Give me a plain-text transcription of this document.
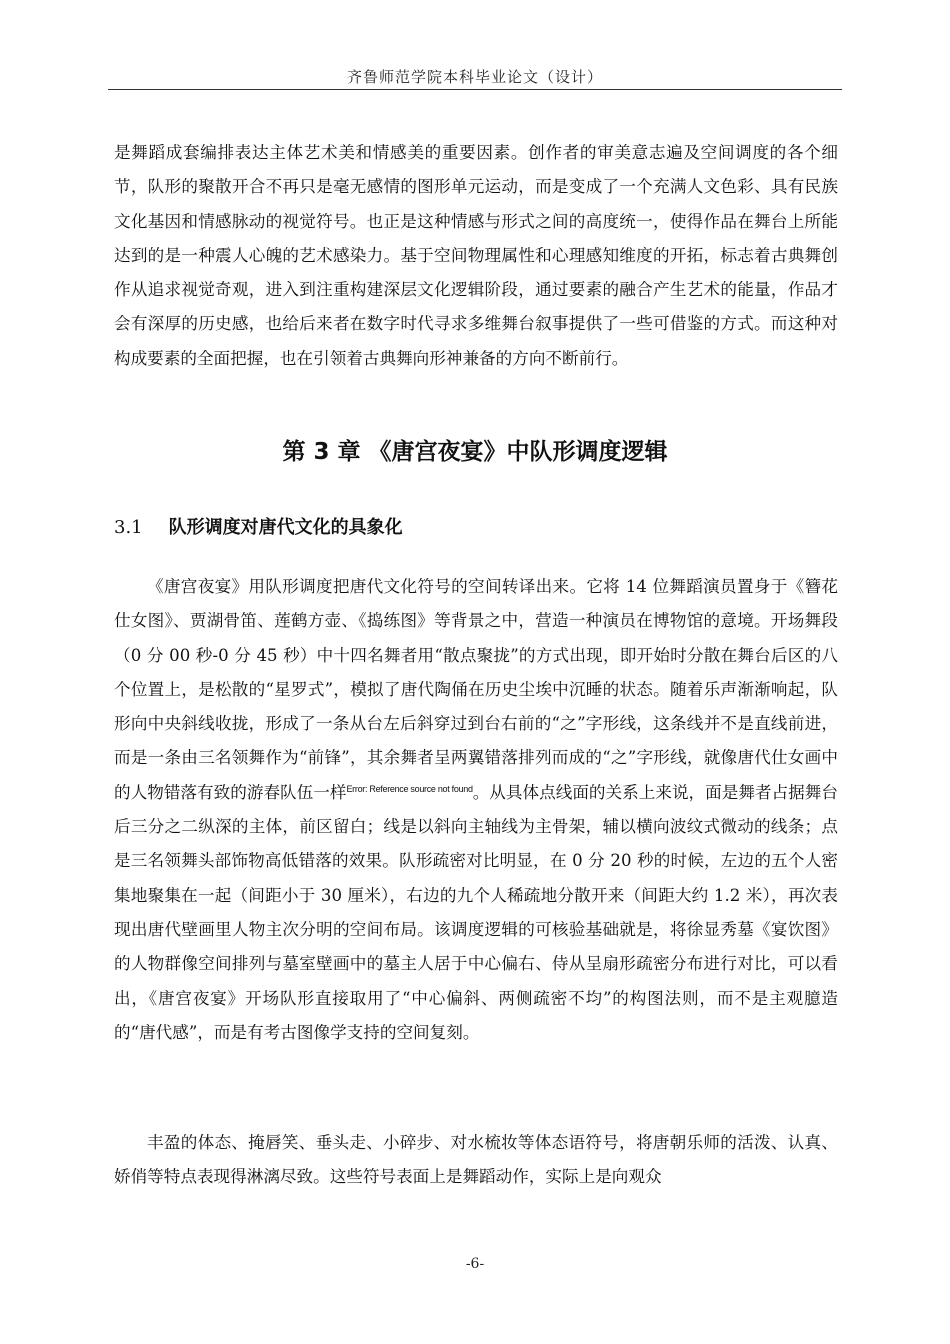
齐鲁师范学院本科毕业论文（设计）

是舞蹈成套编排表达主体艺术美和情感美的重要因素。创作者的审美意志遍及空间调度的各个细节，队形的聚散开合不再只是毫无感情的图形单元运动，而是变成了一个充满人文色彩、具有民族文化基因和情感脉动的视觉符号。也正是这种情感与形式之间的高度统一，使得作品在舞台上所能达到的是一种震人心魄的艺术感染力。基于空间物理属性和心理感知维度的开拓，标志着古典舞创作从追求视觉奇观，进入到注重构建深层文化逻辑阶段，通过要素的融合产生艺术的能量，作品才会有深厚的历史感，也给后来者在数字时代寻求多维舞台叙事提供了一些可借鉴的方式。而这种对构成要素的全面把握，也在引领着古典舞向形神兼备的方向不断前行。

第 3 章 《唐宫夜宴》中队形调度逻辑
3.1 队形调度对唐代文化的具象化

《唐宫夜宴》用队形调度把唐代文化符号的空间转译出来。它将 14 位舞蹈演员置身于《簪花仕女图》、贾湖骨笛、莲鹤方壶、《捣练图》等背景之中，营造一种演员在博物馆的意境。开场舞段（0 分 00 秒-0 分 45 秒）中十四名舞者用“散点聚拢”的方式出现，即开始时分散在舞台后区的八个位置上，是松散的“星罗式”，模拟了唐代陶俑在历史尘埃中沉睡的状态。随着乐声渐渐响起，队形向中央斜线收拢，形成了一条从台左后斜穿过到台右前的“之”字形线，这条线并不是直线前进，而是一条由三名领舞作为“前锋”，其余舞者呈两翼错落排列而成的“之”字形线，就像唐代仕女画中的人物错落有致的游春队伍一样$^{Error: Reference source not found}$。从具体点线面的关系上来说，面是舞者占据舞台后三分之二纵深的主体，前区留白；线是以斜向主轴线为主骨架，辅以横向波纹式微动的线条；点是三名领舞头部饰物高低错落的效果。队形疏密对比明显，在 0 分 20 秒的时候，左边的五个人密集地聚集在一起（间距小于 30 厘米），右边的九个人稀疏地分散开来（间距大约 1.2 米），再次表现出唐代壁画里人物主次分明的空间布局。该调度逻辑的可核验基础就是，将徐显秀墓《宴饮图》的人物群像空间排列与墓室壁画中的墓主人居于中心偏右、侍从呈扇形疏密分布进行对比，可以看出，《唐宫夜宴》开场队形直接取用了“中心偏斜、两侧疏密不均”的构图法则，而不是主观臆造的“唐代感”，而是有考古图像学支持的空间复刻。

丰盈的体态、掩唇笑、垂头走、小碎步、对水梳妆等体态语符号，将唐朝乐师的活泼、认真、娇俏等特点表现得淋漓尽致。这些符号表面上是舞蹈动作，实际上是向观众

-6-
